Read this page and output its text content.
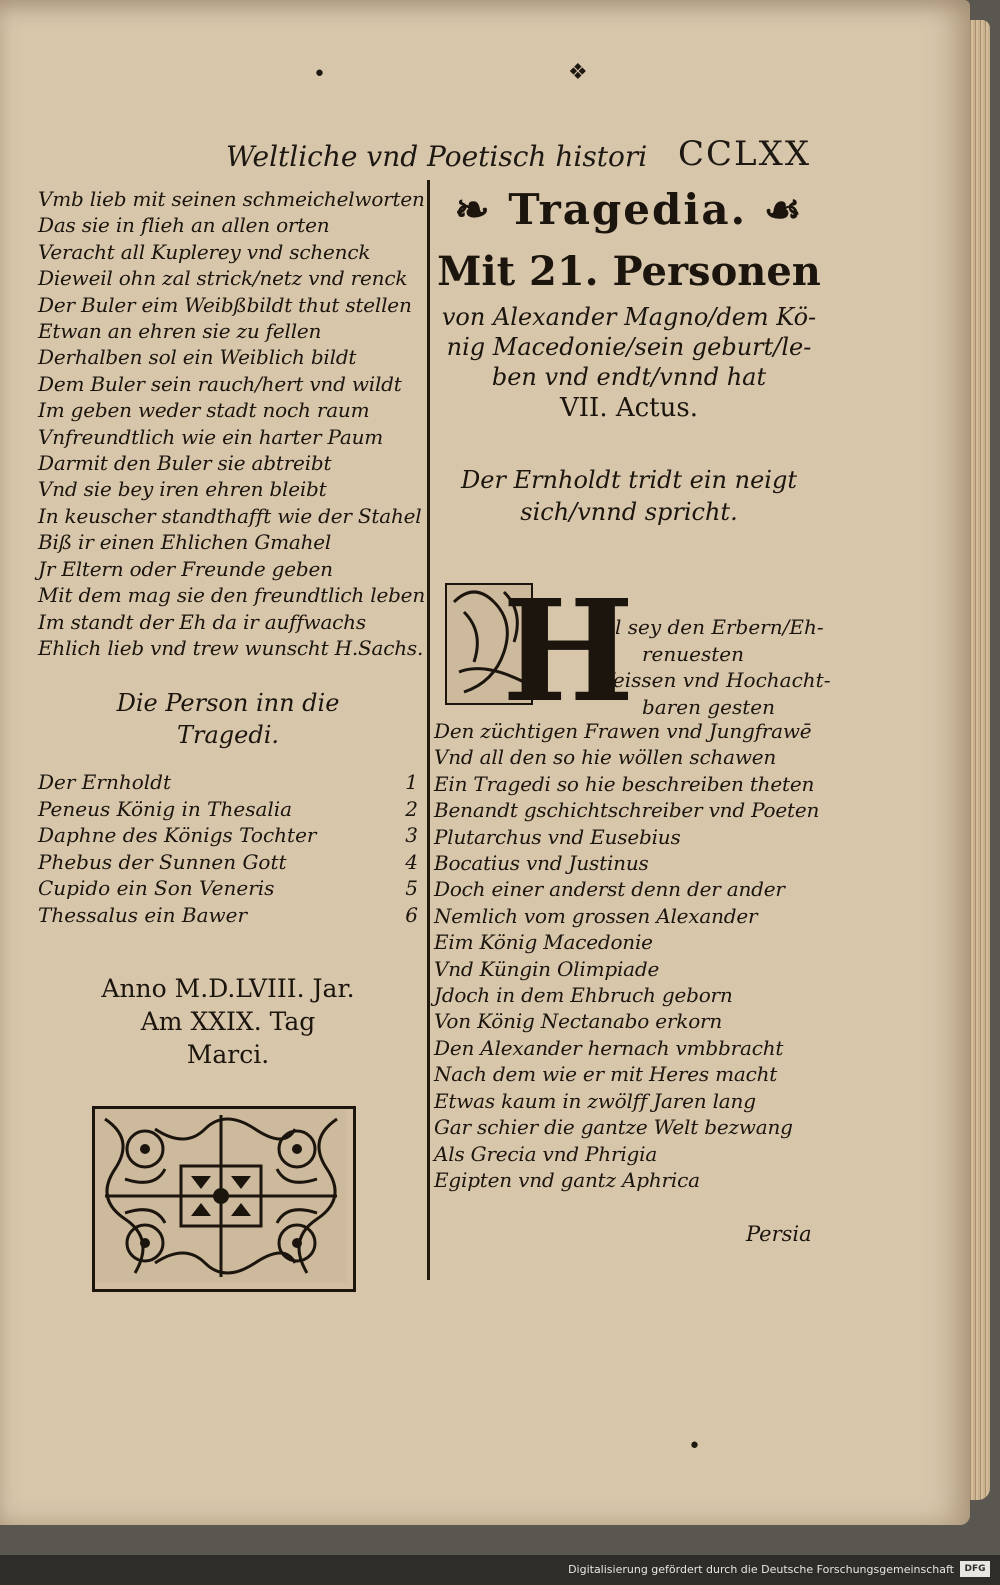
•	❖
Weltliche vnd Poetisch histori CCLXX
Vmb lieb mit seinen schmeichelworten
Das sie in flieh an allen orten
Veracht all Kuplerey vnd schenck
Dieweil ohn zal strick/netz vnd renck
Der Buler eim Weibßbildt thut stellen
Etwan an ehren sie zu fellen
Derhalben sol ein Weiblich bildt
Dem Buler sein rauch/hert vnd wildt
Im geben weder stadt noch raum
Vnfreundtlich wie ein harter Paum
Darmit den Buler sie abtreibt
Vnd sie bey iren ehren bleibt
In keuscher standthafft wie der Stahel
Biß ir einen Ehlichen Gmahel
Jr Eltern oder Freunde geben
Mit dem mag sie den freundtlich leben
Im standt der Eh da ir auffwachs
Ehlich lieb vnd trew wunscht H.Sachs.
Die Person inn die
Tragedi.
Der Ernholdt	1
Peneus König in Thesalia	2
Daphne des Königs Tochter	3
Phebus der Sunnen Gott	4
Cupido ein Son Veneris	5
Thessalus ein Bawer	6
Anno M.D.LVIII. Jar.
Am XXIX. Tag
Marci.
❧ Tragedia. ☙
Mit 21. Personen
von Alexander Magno/dem Kö-
nig Macedonie/sein geburt/le-
ben vnd endt/vnnd hat
VII. Actus.
Der Ernholdt tridt ein neigt
sich/vnnd spricht.
H
Eil sey den Erbern/Eh-
renuesten
Weissen vnd Hochacht-
baren gesten
Den züchtigen Frawen vnd Jungfrawē
Vnd all den so hie wöllen schawen
Ein Tragedi so hie beschreiben theten
Benandt gschichtschreiber vnd Poeten
Plutarchus vnd Eusebius
Bocatius vnd Justinus
Doch einer anderst denn der ander
Nemlich vom grossen Alexander
Eim König Macedonie
Vnd Küngin Olimpiade
Jdoch in dem Ehbruch geborn
Von König Nectanabo erkorn
Den Alexander hernach vmbbracht
Nach dem wie er mit Heres macht
Etwas kaum in zwölff Jaren lang
Gar schier die gantze Welt bezwang
Als Grecia vnd Phrigia
Egipten vnd gantz Aphrica
Persia
•
Digitalisierung gefördert durch die Deutsche Forschungsgemeinschaft	DFG
